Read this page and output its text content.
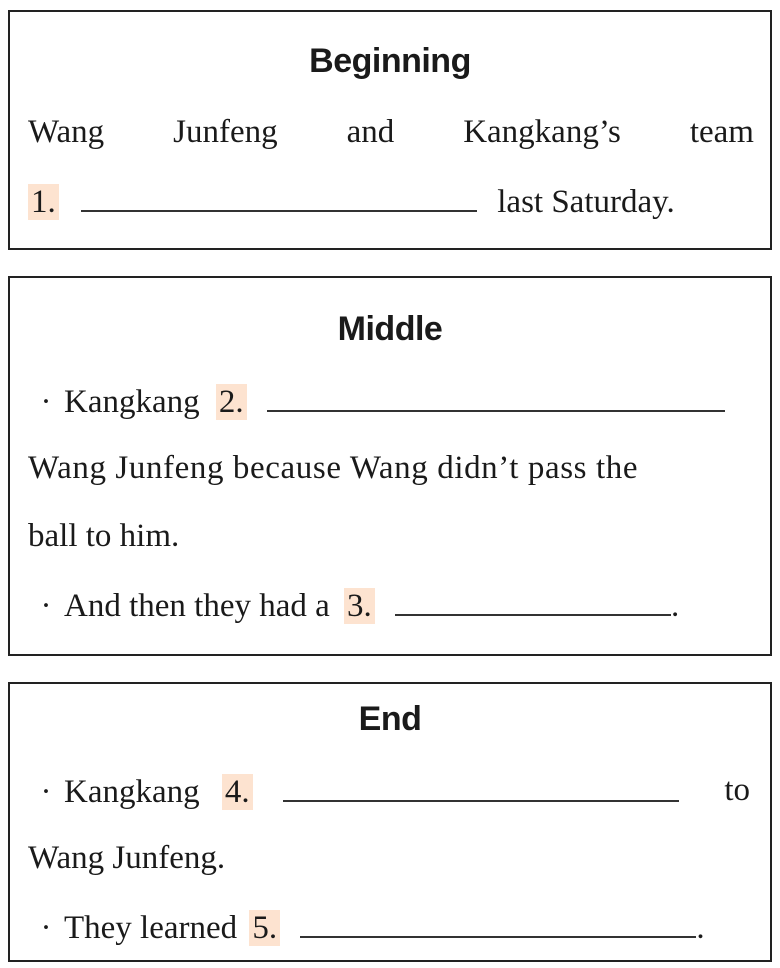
Beginning
Wang Junfeng and Kangkang’s team
1.	last Saturday.
Middle
· Kangkang 2.
Wang Junfeng because Wang didn’t pass the
ball to him.
· And then they had a 3.	.
End
· Kangkang 4.	to
Wang Junfeng.
· They learned 5.	.
